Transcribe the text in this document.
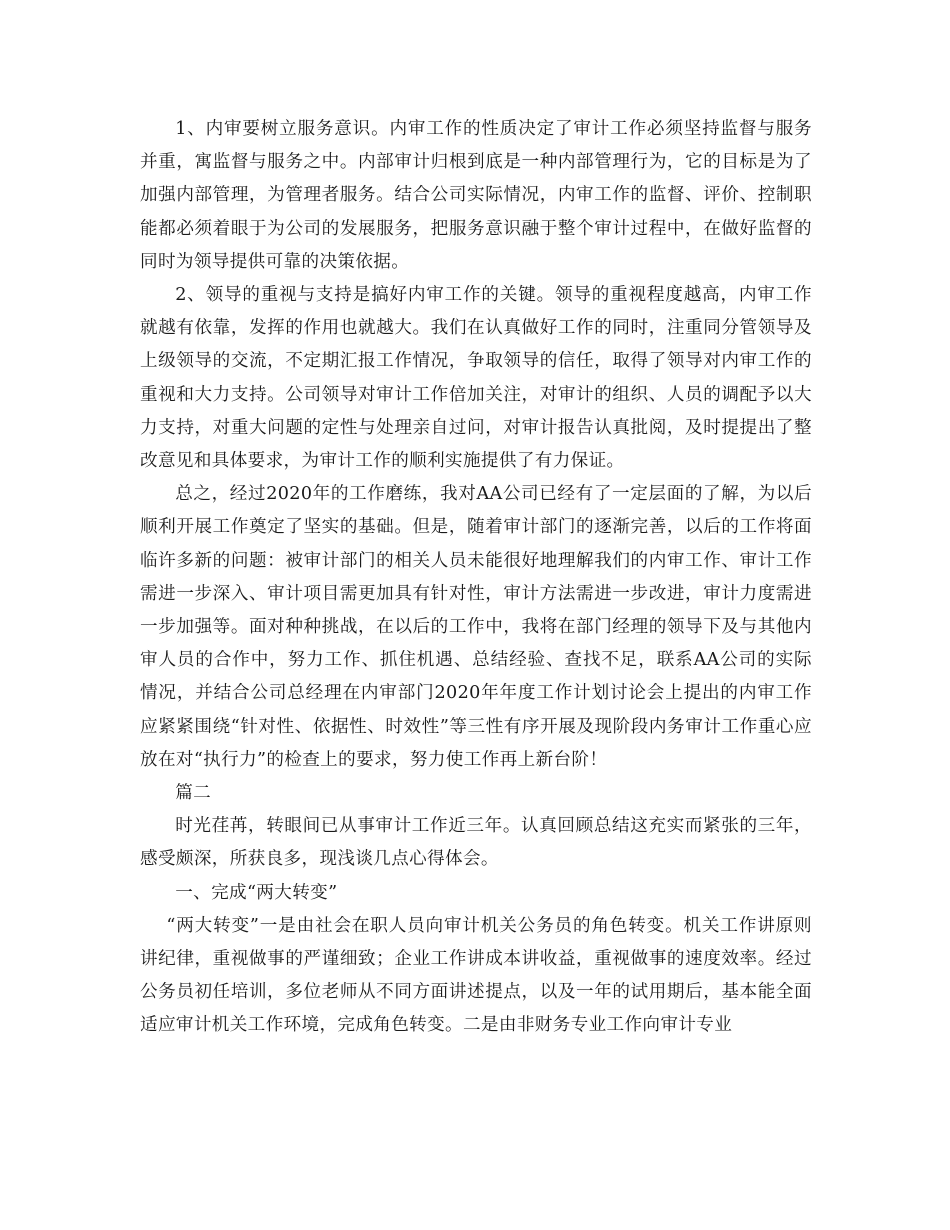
1、内审要树立服务意识。内审工作的性质决定了审计工作必须坚持监督与服务并重，寓监督与服务之中。内部审计归根到底是一种内部管理行为，它的目标是为了加强内部管理，为管理者服务。结合公司实际情况，内审工作的监督、评价、控制职能都必须着眼于为公司的发展服务，把服务意识融于整个审计过程中，在做好监督的同时为领导提供可靠的决策依据。

2、领导的重视与支持是搞好内审工作的关键。领导的重视程度越高，内审工作就越有依靠，发挥的作用也就越大。我们在认真做好工作的同时，注重同分管领导及上级领导的交流，不定期汇报工作情况，争取领导的信任，取得了领导对内审工作的重视和大力支持。公司领导对审计工作倍加关注，对审计的组织、人员的调配予以大力支持，对重大问题的定性与处理亲自过问，对审计报告认真批阅，及时提提出了整改意见和具体要求，为审计工作的顺利实施提供了有力保证。

总之，经过2020年的工作磨练，我对AA公司已经有了一定层面的了解，为以后顺利开展工作奠定了坚实的基础。但是，随着审计部门的逐渐完善，以后的工作将面临许多新的问题：被审计部门的相关人员未能很好地理解我们的内审工作、审计工作需进一步深入、审计项目需更加具有针对性，审计方法需进一步改进，审计力度需进一步加强等。面对种种挑战，在以后的工作中，我将在部门经理的领导下及与其他内审人员的合作中，努力工作、抓住机遇、总结经验、查找不足，联系AA公司的实际情况，并结合公司总经理在内审部门2020年年度工作计划讨论会上提出的内审工作应紧紧围绕“针对性、依据性、时效性”等三性有序开展及现阶段内务审计工作重心应放在对“执行力”的检查上的要求，努力使工作再上新台阶！

篇二

时光荏苒，转眼间已从事审计工作近三年。认真回顾总结这充实而紧张的三年，感受颇深，所获良多，现浅谈几点心得体会。

一、完成“两大转变”

“两大转变”一是由社会在职人员向审计机关公务员的角色转变。机关工作讲原则讲纪律，重视做事的严谨细致；企业工作讲成本讲收益，重视做事的速度效率。经过公务员初任培训，多位老师从不同方面讲述提点，以及一年的试用期后，基本能全面适应审计机关工作环境，完成角色转变。二是由非财务专业工作向审计专业
